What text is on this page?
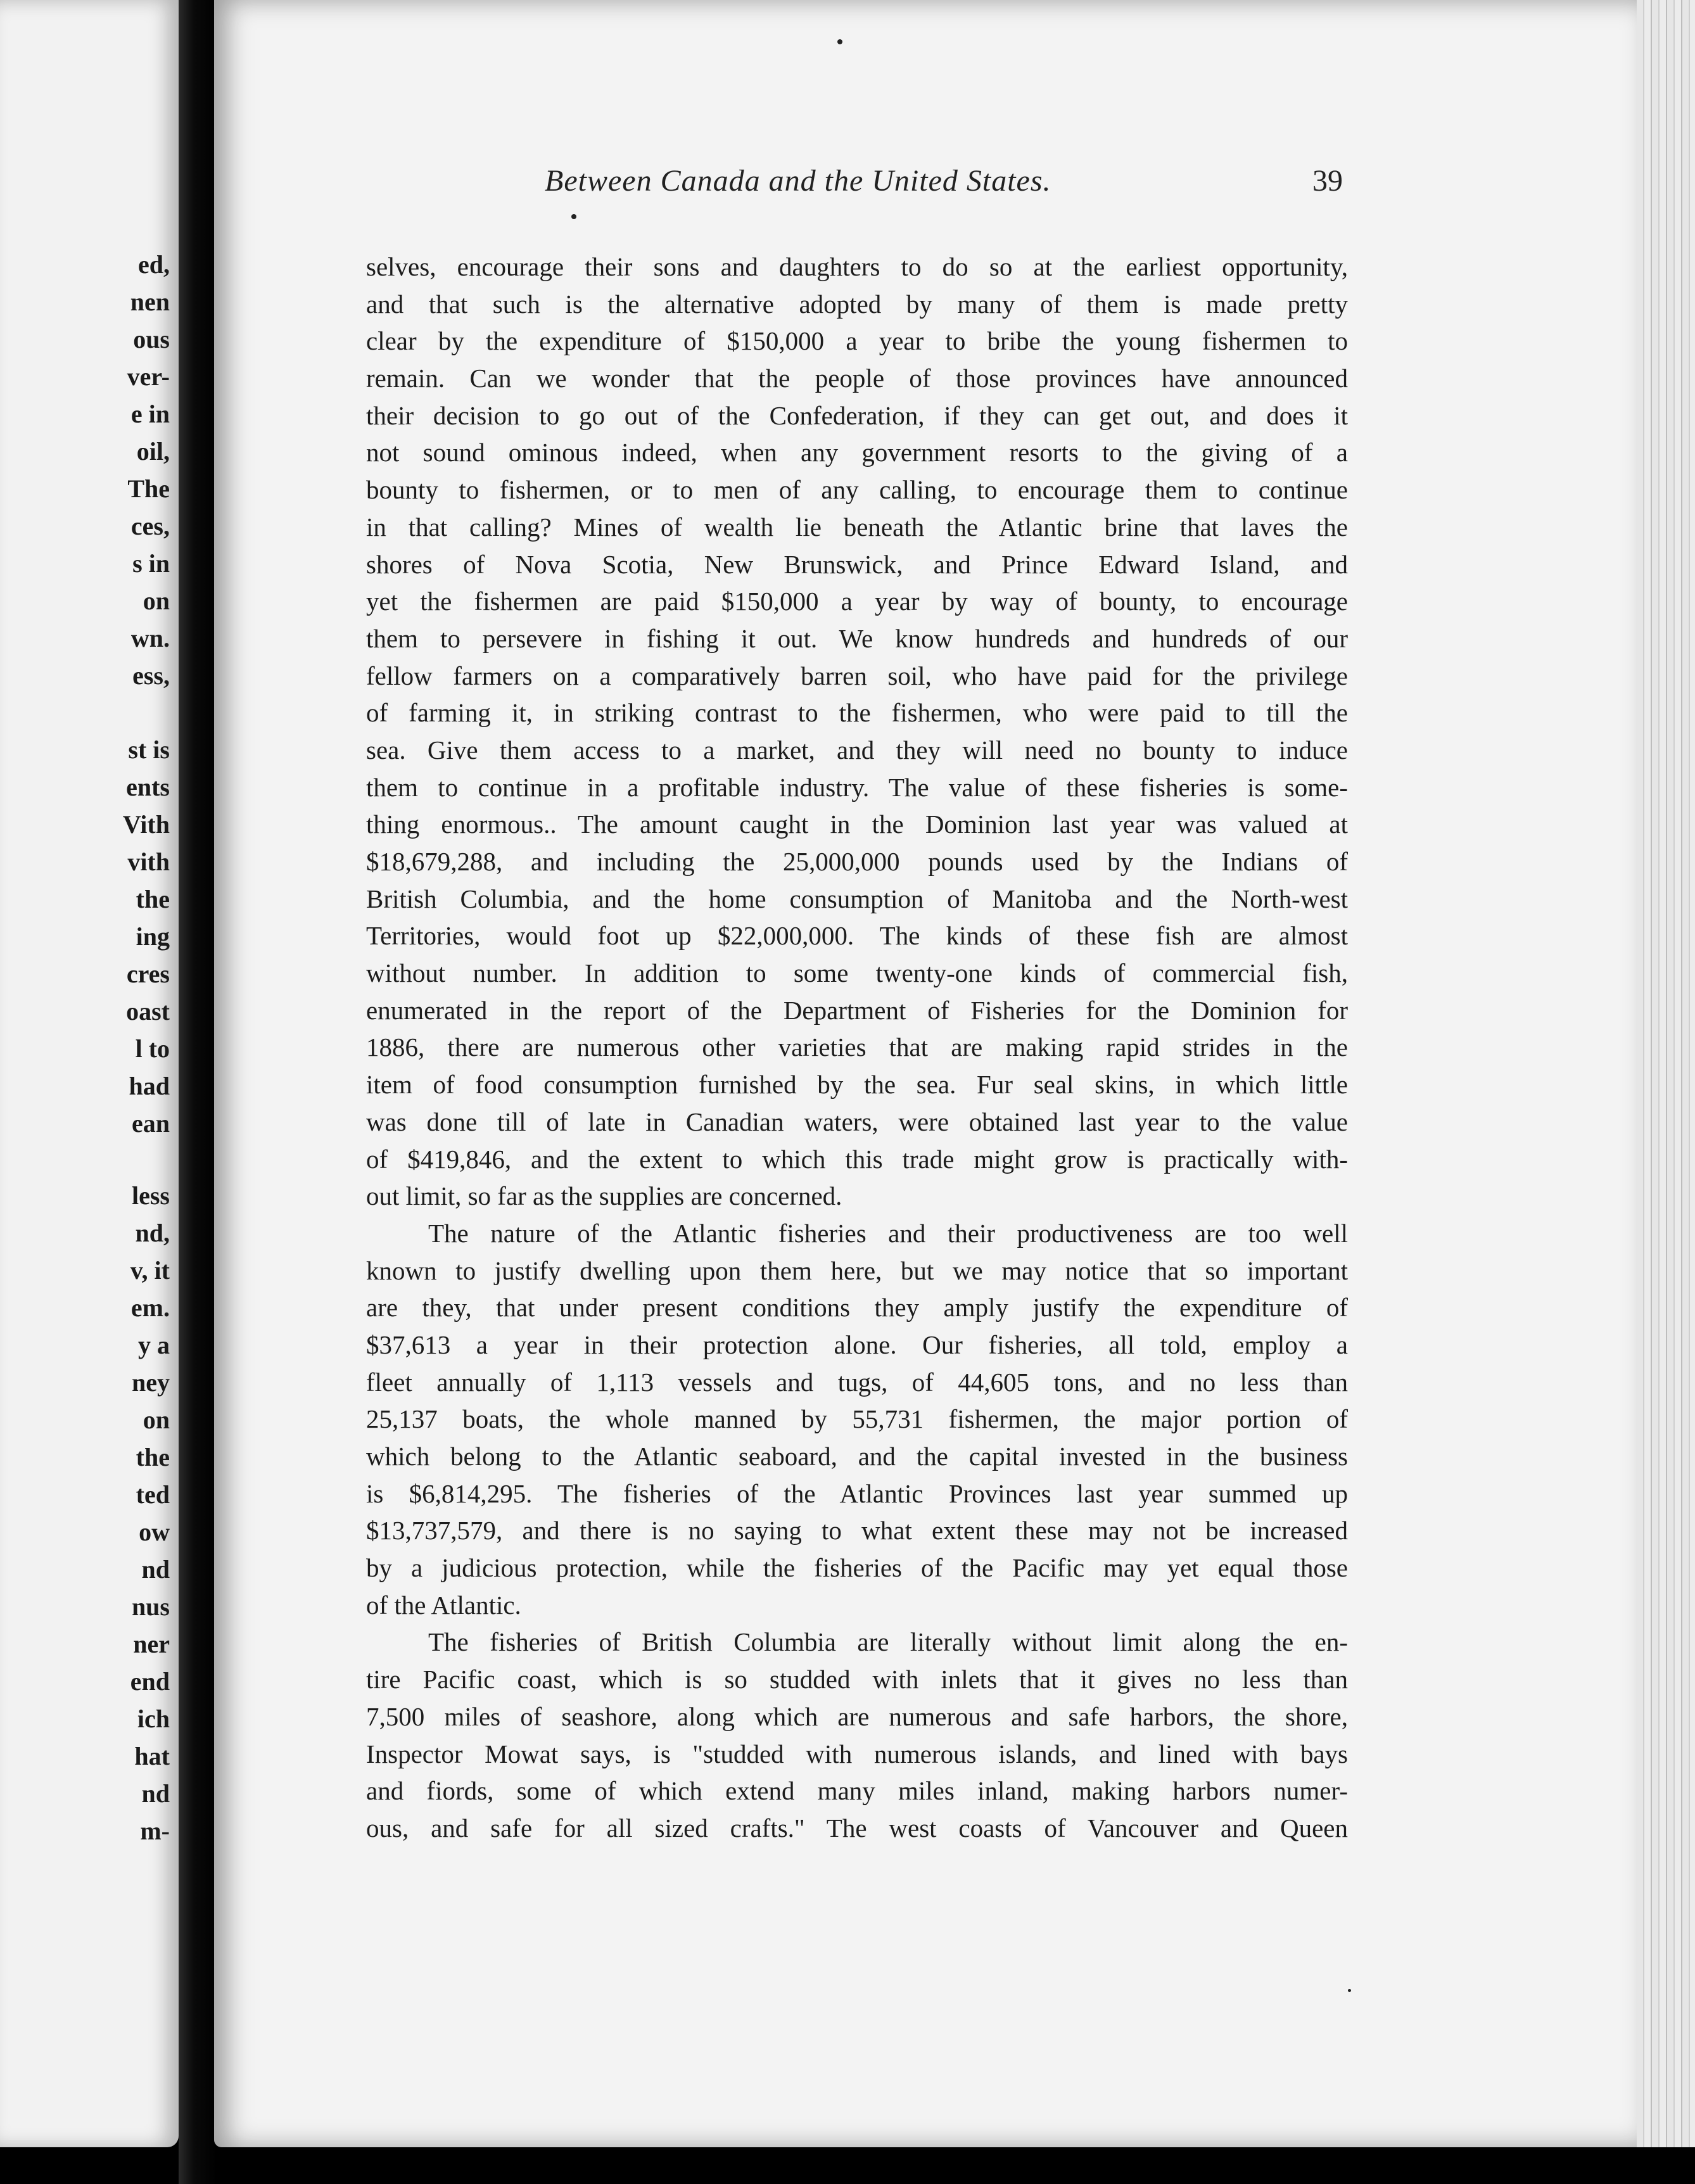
ed,
nen
ous
ver-
e in
oil,
The
ces,
s in
on
wn.
ess,
st is
ents
Vith
vith
the
ing
cres
oast
l to
had
ean
less
nd,
v, it
em.
y a
ney
on
the
ted
ow
nd
nus
ner
end
ich
hat
nd
m-
Between Canada and the United States.	39
selves, encourage their sons and daughters to do so at the earliest opportunity,
and that such is the alternative adopted by many of them is made pretty
clear by the expenditure of $150,000 a year to bribe the young fishermen to
remain. Can we wonder that the people of those provinces have announced
their decision to go out of the Confederation, if they can get out, and does it
not sound ominous indeed, when any government resorts to the giving of a
bounty to fishermen, or to men of any calling, to encourage them to continue
in that calling? Mines of wealth lie beneath the Atlantic brine that laves the
shores of Nova Scotia, New Brunswick, and Prince Edward Island, and
yet the fishermen are paid $150,000 a year by way of bounty, to encourage
them to persevere in fishing it out. We know hundreds and hundreds of our
fellow farmers on a comparatively barren soil, who have paid for the privilege
of farming it, in striking contrast to the fishermen, who were paid to till the
sea. Give them access to a market, and they will need no bounty to induce
them to continue in a profitable industry. The value of these fisheries is some-
thing enormous.. The amount caught in the Dominion last year was valued at
$18,679,288, and including the 25,000,000 pounds used by the Indians of
British Columbia, and the home consumption of Manitoba and the North-west
Territories, would foot up $22,000,000. The kinds of these fish are almost
without number. In addition to some twenty-one kinds of commercial fish,
enumerated in the report of the Department of Fisheries for the Dominion for
1886, there are numerous other varieties that are making rapid strides in the
item of food consumption furnished by the sea. Fur seal skins, in which little
was done till of late in Canadian waters, were obtained last year to the value
of $419,846, and the extent to which this trade might grow is practically with-
out limit, so far as the supplies are concerned.
The nature of the Atlantic fisheries and their productiveness are too well
known to justify dwelling upon them here, but we may notice that so important
are they, that under present conditions they amply justify the expenditure of
$37,613 a year in their protection alone. Our fisheries, all told, employ a
fleet annually of 1,113 vessels and tugs, of 44,605 tons, and no less than
25,137 boats, the whole manned by 55,731 fishermen, the major portion of
which belong to the Atlantic seaboard, and the capital invested in the business
is $6,814,295. The fisheries of the Atlantic Provinces last year summed up
$13,737,579, and there is no saying to what extent these may not be increased
by a judicious protection, while the fisheries of the Pacific may yet equal those
of the Atlantic.
The fisheries of British Columbia are literally without limit along the en-
tire Pacific coast, which is so studded with inlets that it gives no less than
7,500 miles of seashore, along which are numerous and safe harbors, the shore,
Inspector Mowat says, is "studded with numerous islands, and lined with bays
and fiords, some of which extend many miles inland, making harbors numer-
ous, and safe for all sized crafts." The west coasts of Vancouver and Queen
